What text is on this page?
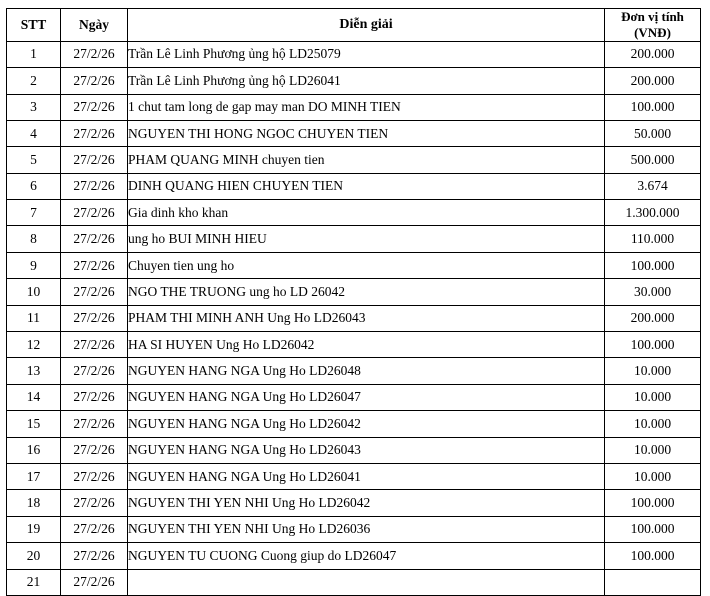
STT	Ngày	Diễn giải	Đơn vị tính
(VNĐ)

1	27/2/26	Trần Lê Linh Phương ủng hộ LD25079	200.000
2	27/2/26	Trần Lê Linh Phương ủng hộ LD26041	200.000
3	27/2/26	1 chut tam long de gap may man DO MINH TIEN	100.000
4	27/2/26	NGUYEN THI HONG NGOC CHUYEN TIEN	50.000
5	27/2/26	PHAM QUANG MINH chuyen tien	500.000
6	27/2/26	DINH QUANG HIEN CHUYEN TIEN	3.674
7	27/2/26	Gia dinh kho khan	1.300.000
8	27/2/26	ung ho BUI MINH HIEU	110.000
9	27/2/26	Chuyen tien ung ho	100.000
10	27/2/26	NGO THE TRUONG ung ho LD 26042	30.000
11	27/2/26	PHAM THI MINH ANH Ung Ho LD26043	200.000
12	27/2/26	HA SI HUYEN Ung Ho LD26042	100.000
13	27/2/26	NGUYEN HANG NGA Ung Ho LD26048	10.000
14	27/2/26	NGUYEN HANG NGA Ung Ho LD26047	10.000
15	27/2/26	NGUYEN HANG NGA Ung Ho LD26042	10.000
16	27/2/26	NGUYEN HANG NGA Ung Ho LD26043	10.000
17	27/2/26	NGUYEN HANG NGA Ung Ho LD26041	10.000
18	27/2/26	NGUYEN THI YEN NHI Ung Ho LD26042	100.000
19	27/2/26	NGUYEN THI YEN NHI Ung Ho LD26036	100.000
20	27/2/26	NGUYEN TU CUONG Cuong giup do LD26047	100.000
21	27/2/26		
